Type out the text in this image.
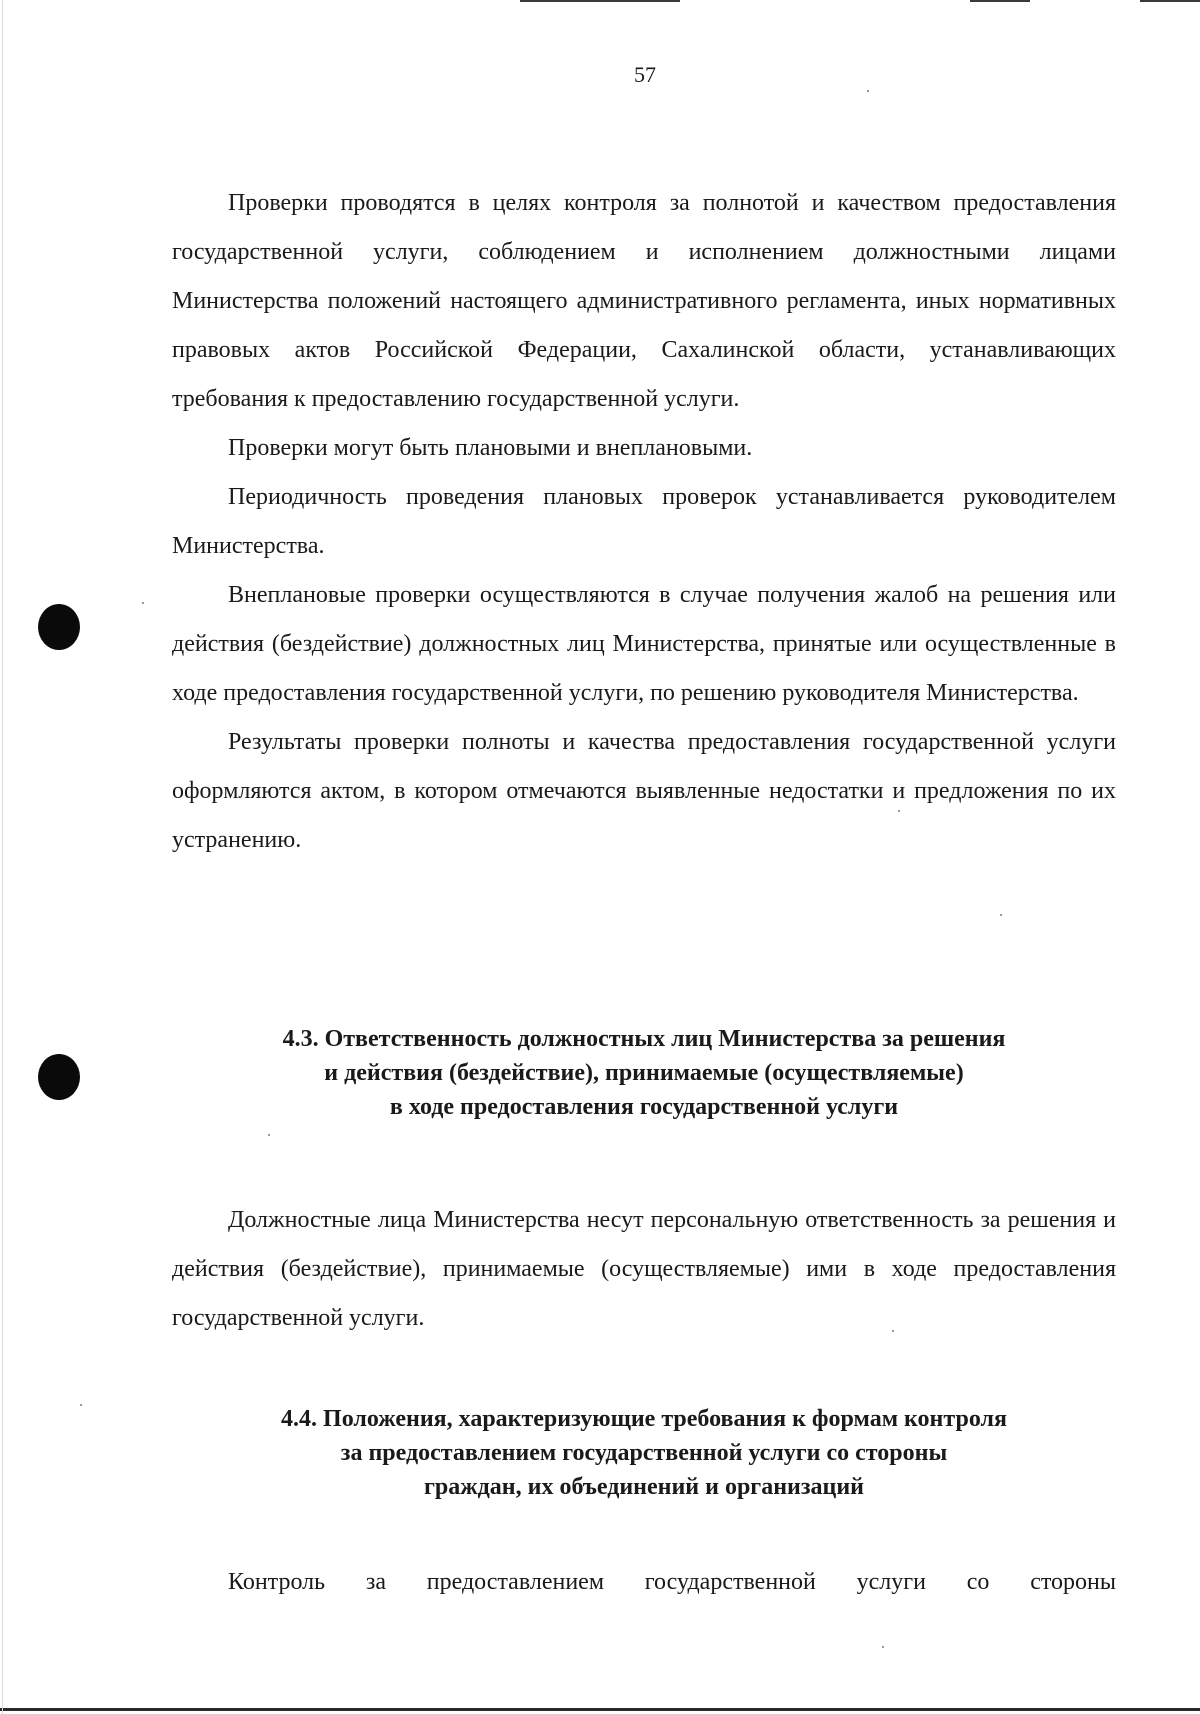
57

Проверки проводятся в целях контроля за полнотой и качеством предоставления государственной услуги, соблюдением и исполнением должностными лицами Министерства положений настоящего административного регламента, иных нормативных правовых актов Российской Федерации, Сахалинской области, устанавливающих требования к предоставлению государственной услуги.

Проверки могут быть плановыми и внеплановыми.

Периодичность проведения плановых проверок устанавливается руководителем Министерства.

Внеплановые проверки осуществляются в случае получения жалоб на решения или действия (бездействие) должностных лиц Министерства, принятые или осуществленные в ходе предоставления государственной услуги, по решению руководителя Министерства.

Результаты проверки полноты и качества предоставления государственной услуги оформляются актом, в котором отмечаются выявленные недостатки и предложения по их устранению.

4.3. Ответственность должностных лиц Министерства за решения
и действия (бездействие), принимаемые (осуществляемые)
в ходе предоставления государственной услуги

Должностные лица Министерства несут персональную ответственность за решения и действия (бездействие), принимаемые (осуществляемые) ими в ходе предоставления государственной услуги.

4.4. Положения, характеризующие требования к формам контроля
за предоставлением государственной услуги со стороны
граждан, их объединений и организаций

Контроль за предоставлением государственной услуги со стороны
